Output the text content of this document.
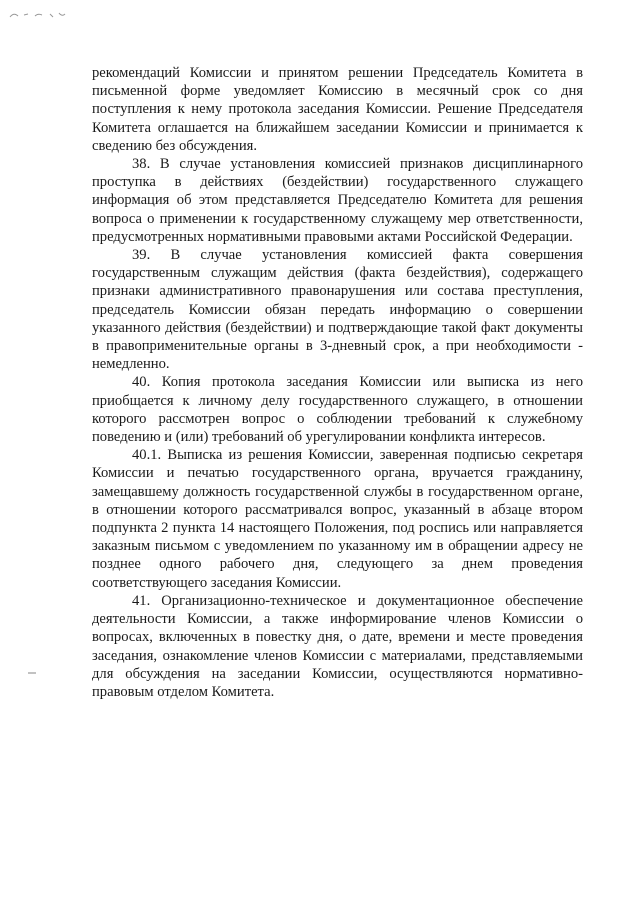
рекомендаций Комиссии и принятом решении Председатель Комитета в письменной форме уведомляет Комиссию в месячный срок со дня поступления к нему протокола заседания Комиссии. Решение Председателя Комитета оглашается на ближайшем заседании Комиссии и принимается к сведению без обсуждения.

38. В случае установления комиссией признаков дисциплинарного проступка в действиях (бездействии) государственного служащего информация об этом представляется Председателю Комитета для решения вопроса о применении к государственному служащему мер ответственности, предусмотренных нормативными правовыми актами Российской Федерации.

39. В случае установления комиссией факта совершения государственным служащим действия (факта бездействия), содержащего признаки административного правонарушения или состава преступления, председатель Комиссии обязан передать информацию о совершении указанного действия (бездействии) и подтверждающие такой факт документы в правоприменительные органы в 3-дневный срок, а при необходимости - немедленно.

40. Копия протокола заседания Комиссии или выписка из него приобщается к личному делу государственного служащего, в отношении которого рассмотрен вопрос о соблюдении требований к служебному поведению и (или) требований об урегулировании конфликта интересов.

40.1. Выписка из решения Комиссии, заверенная подписью секретаря Комиссии и печатью государственного органа, вручается гражданину, замещавшему должность государственной службы в государственном органе, в отношении которого рассматривался вопрос, указанный в абзаце втором подпункта 2 пункта 14 настоящего Положения, под роспись или направляется заказным письмом с уведомлением по указанному им в обращении адресу не позднее одного рабочего дня, следующего за днем проведения соответствующего заседания Комиссии.

41. Организационно-техническое и документационное обеспечение деятельности Комиссии, а также информирование членов Комиссии о вопросах, включенных в повестку дня, о дате, времени и месте проведения заседания, ознакомление членов Комиссии с материалами, представляемыми для обсуждения на заседании Комиссии, осуществляются нормативно-правовым отделом Комитета.
